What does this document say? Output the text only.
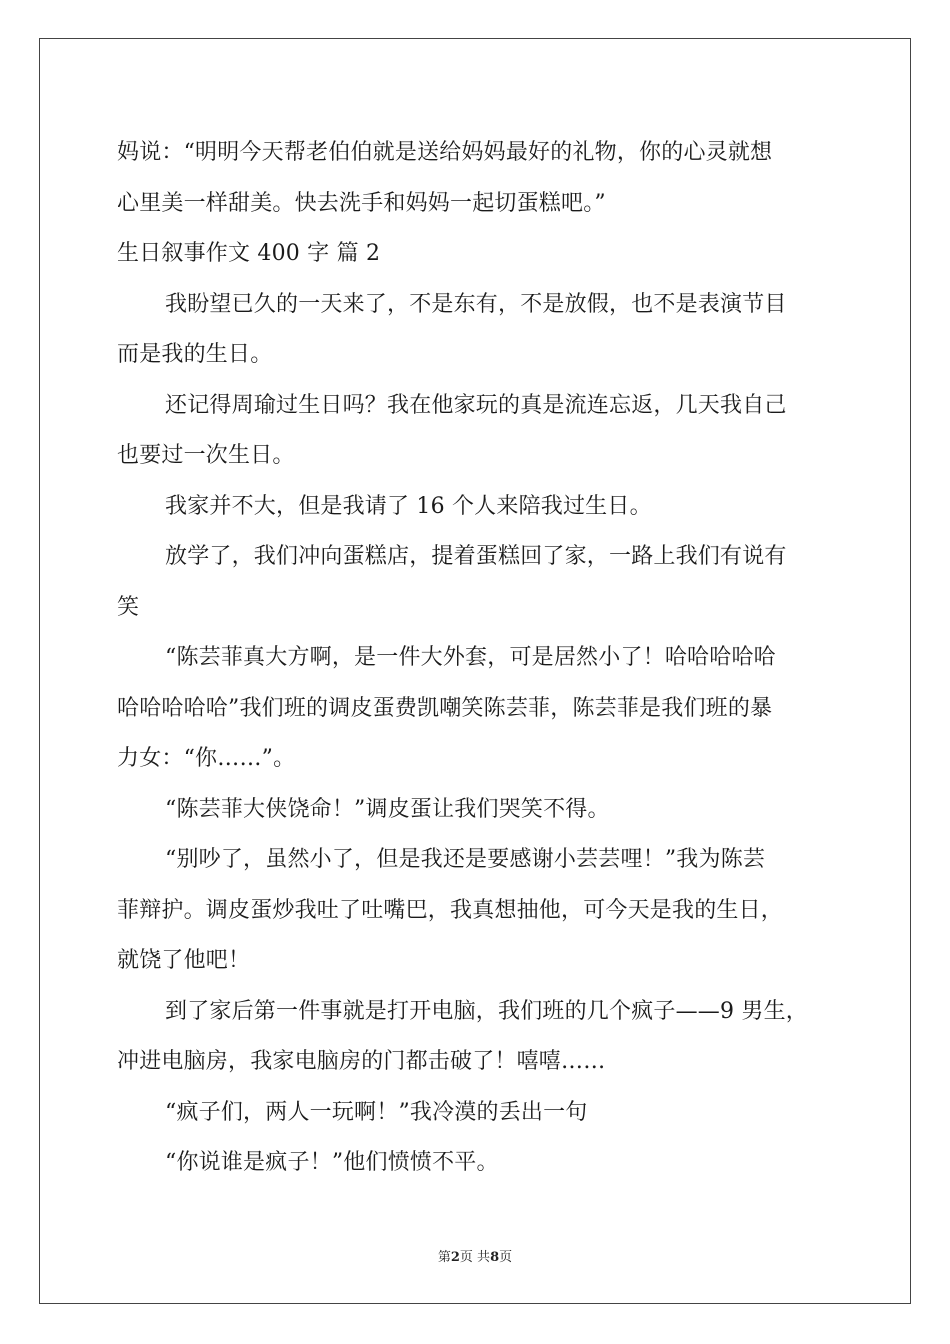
妈说：“明明今天帮老伯伯就是送给妈妈最好的礼物，你的心灵就想
心里美一样甜美。快去洗手和妈妈一起切蛋糕吧。”
生日叙事作文 400 字 篇 2
我盼望已久的一天来了，不是东有，不是放假，也不是表演节目
而是我的生日。
还记得周瑜过生日吗？我在他家玩的真是流连忘返，几天我自己
也要过一次生日。
我家并不大，但是我请了 16 个人来陪我过生日。
放学了，我们冲向蛋糕店，提着蛋糕回了家，一路上我们有说有
笑
“陈芸菲真大方啊，是一件大外套，可是居然小了！哈哈哈哈哈
哈哈哈哈哈”我们班的调皮蛋费凯嘲笑陈芸菲，陈芸菲是我们班的暴
力女：“你……”。
“陈芸菲大侠饶命！”调皮蛋让我们哭笑不得。
“别吵了，虽然小了，但是我还是要感谢小芸芸哩！”我为陈芸
菲辩护。调皮蛋炒我吐了吐嘴巴，我真想抽他，可今天是我的生日，
就饶了他吧！
到了家后第一件事就是打开电脑，我们班的几个疯子——9 男生，
冲进电脑房，我家电脑房的门都击破了！嘻嘻……
“疯子们，两人一玩啊！”我冷漠的丢出一句
“你说谁是疯子！”他们愤愤不平。
第2页 共8页
